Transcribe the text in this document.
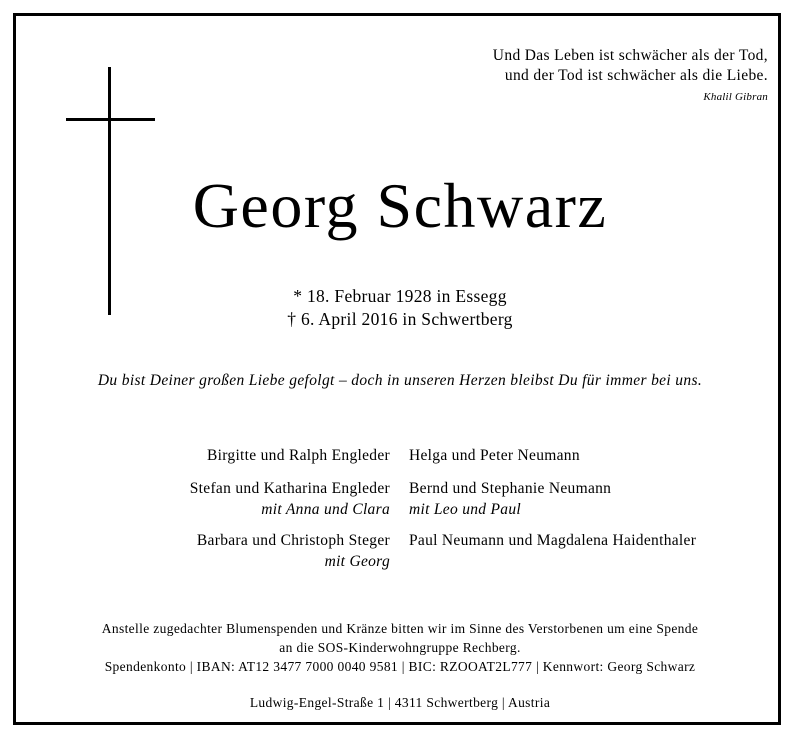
Und Das Leben ist schwächer als der Tod,
und der Tod ist schwächer als die Liebe.
Khalil Gibran
Georg Schwarz
* 18. Februar 1928 in Essegg
† 6. April 2016 in Schwertberg
Du bist Deiner großen Liebe gefolgt – doch in unseren Herzen bleibst Du für immer bei uns.
Birgitte und Ralph Engleder
Stefan und Katharina Engleder
mit Anna und Clara
Barbara und Christoph Steger
mit Georg
Helga und Peter Neumann
Bernd und Stephanie Neumann
mit Leo und Paul
Paul Neumann und Magdalena Haidenthaler
Anstelle zugedachter Blumenspenden und Kränze bitten wir im Sinne des Verstorbenen um eine Spende
an die SOS-Kinderwohngruppe Rechberg.
Spendenkonto | IBAN: AT12 3477 7000 0040 9581 | BIC: RZOOAT2L777 | Kennwort: Georg Schwarz
Ludwig-Engel-Straße 1 | 4311 Schwertberg | Austria
